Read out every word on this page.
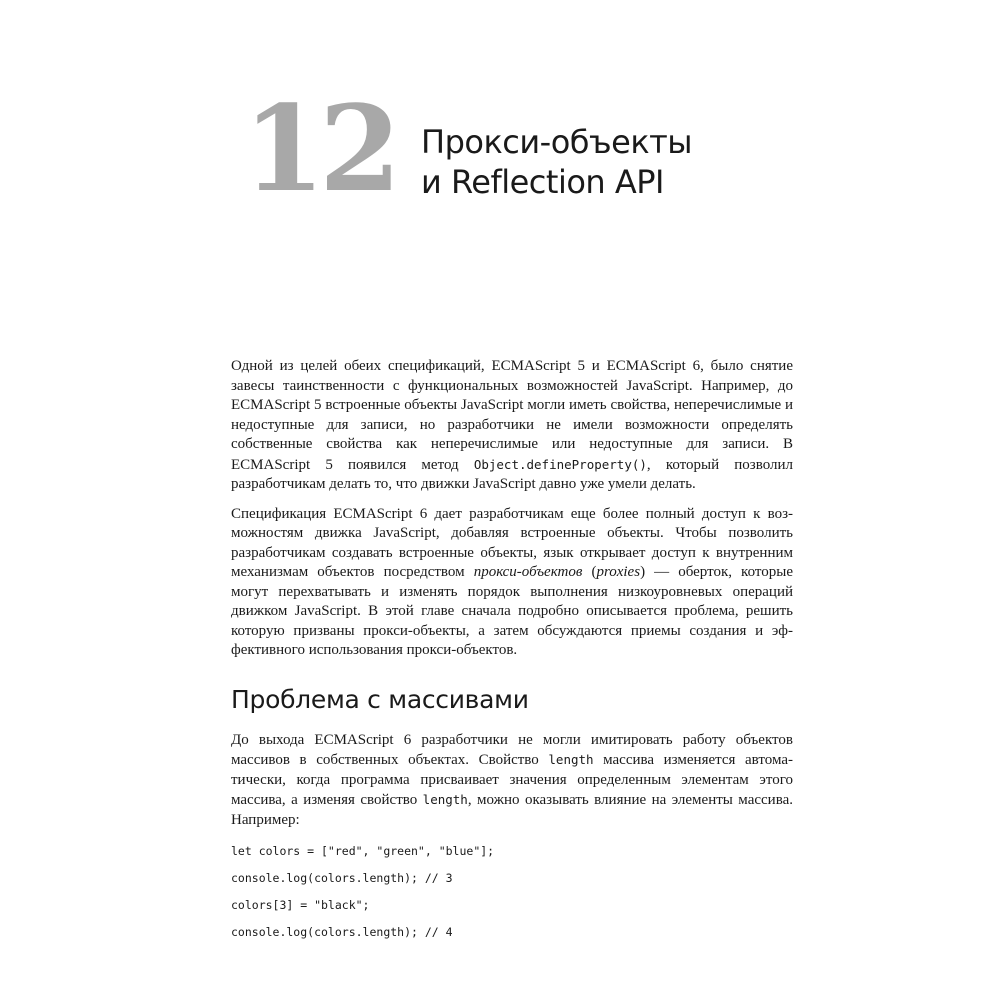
12 Прокси-объекты
и Reflection API

Одной из целей обеих спецификаций, ECMAScript 5 и ECMAScript 6, было снятие завесы таинственности с функциональных возможностей JavaScript. Например, до ECMAScript 5 встроенные объекты JavaScript могли иметь свойства, неперечислимые и недоступные для записи, но разработчики не имели возможности определять собственные свойства как неперечислимые или недоступные для записи. В ECMAScript 5 появился метод Object.defineProperty(), который позволил разработчикам делать то, что движки JavaScript давно уже умели делать.

Спецификация ECMAScript 6 дает разработчикам еще более полный доступ к возможностям движка JavaScript, добавляя встроенные объекты. Чтобы позволить разработчикам создавать встроенные объекты, язык открывает доступ к внутренним механизмам объектов посредством прокси-объектов (proxies) — оберток, которые могут перехватывать и изменять порядок выполнения низкоуровневых операций движком JavaScript. В этой главе сначала подробно описывается проблема, решить которую призваны прокси-объекты, а затем обсуждаются приемы создания и эффективного использования прокси-объектов.

Проблема с массивами

До выхода ECMAScript 6 разработчики не могли имитировать работу объектов массивов в собственных объектах. Свойство length массива изменяется автоматически, когда программа присваивает значения определенным элементам этого массива, а изменяя свойство length, можно оказывать влияние на элементы массива. Например:

let colors = ["red", "green", "blue"];
console.log(colors.length); // 3
colors[3] = "black";
console.log(colors.length); // 4
